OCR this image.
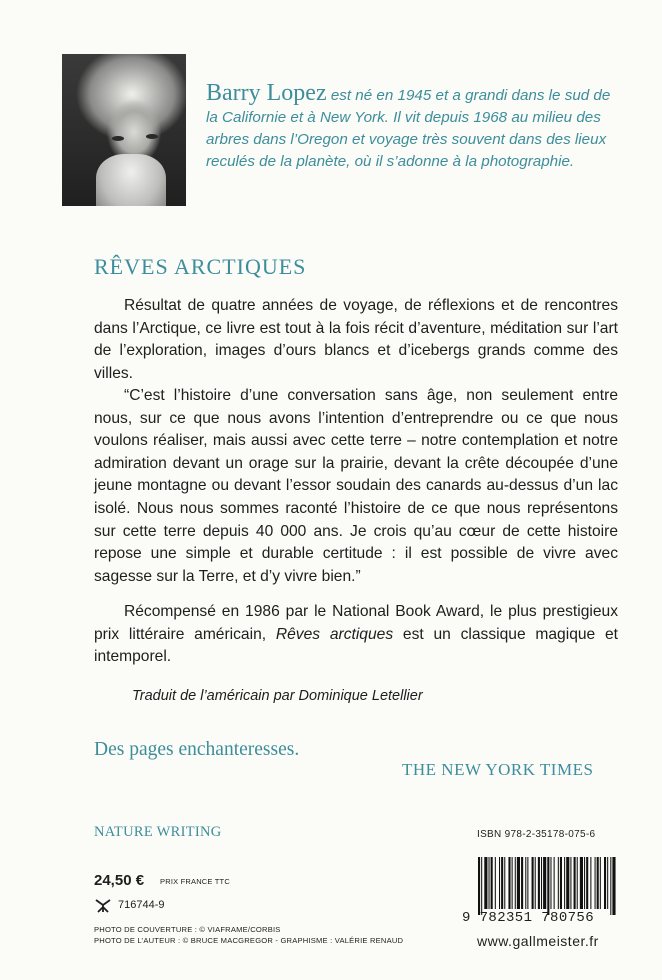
Barry Lopez est né en 1945 et a grandi dans le sud de la Californie et à New York. Il vit depuis 1968 au milieu des arbres dans l’Oregon et voyage très souvent dans des lieux reculés de la planète, où il s’adonne à la photographie.
RÊVES ARCTIQUES

Résultat de quatre années de voyage, de réflexions et de rencontres dans l’Arctique, ce livre est tout à la fois récit d’aventure, méditation sur l’art de l’exploration, images d’ours blancs et d’icebergs grands comme des villes.

“C’est l’histoire d’une conversation sans âge, non seulement entre nous, sur ce que nous avons l’intention d’entreprendre ou ce que nous voulons réaliser, mais aussi avec cette terre – notre contemplation et notre admiration devant un orage sur la prairie, devant la crête découpée d’une jeune montagne ou devant l’essor soudain des canards au-dessus d’un lac isolé. Nous nous sommes raconté l’histoire de ce que nous représentons sur cette terre depuis 40 000 ans. Je crois qu’au cœur de cette histoire repose une simple et durable certitude : il est possible de vivre avec sagesse sur la Terre, et d’y vivre bien.”

Récompensé en 1986 par le National Book Award, le plus prestigieux prix littéraire américain, Rêves arctiques est un classique magique et intemporel.

Traduit de l’américain par Dominique Letellier
Des pages enchanteresses.
THE NEW YORK TIMES
NATURE WRITING
24,50 € PRIX FRANCE TTC
716744-9
PHOTO DE COUVERTURE : © VIAFRAME/CORBIS
PHOTO DE L’AUTEUR : © BRUCE MACGREGOR - GRAPHISME : VALÉRIE RENAUD
ISBN 978-2-35178-075-6
9 782351 780756
www.gallmeister.fr
